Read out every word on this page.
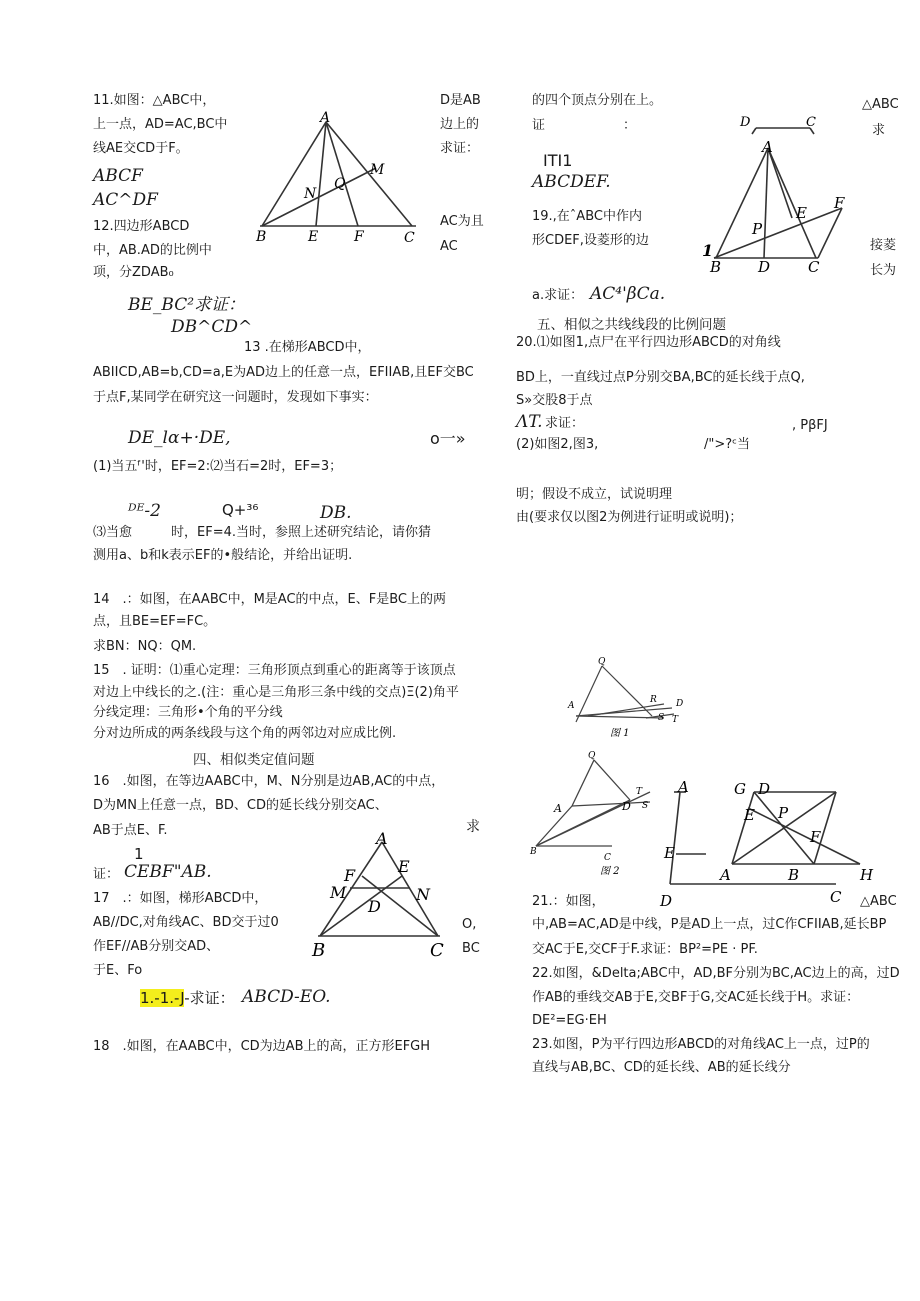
11.如图：△ABC中，
上一点，AD=AC,BC中
线AE交CD于F。
D是AB
边上的
求证：
ABCF
AC^DF
12.四边形ABCD
中，AB.AD的比例中
项，分ZDAB₀
AC为且
AC
BE_BC²求证：
DB^CD^
13 .在梯形ABCD中，
ABIICD,AB=b,CD=a,E为AD边上的任意一点，EFIIAB,且EF交BC
于点F,某同学在研究这一问题时，发现如下事实：
DE_lα+·DE,	o一»
(1)当五ᶠ'时，EF=2:⑵当石=2时，EF=3；
ᴰᴱ-2	Q+³⁶	DB.
⑶当愈　　　时，EF=4.当时，参照上述研究结论，请你猜
测用a、b和k表示EF的•般结论，并给出证明.
14　.：如图，在AABC中，M是AC的中点，E、F是BC上的两
点，且BE=EF=FC。
求BN：NQ：QM.
15　. 证明：⑴重心定理：三角形顶点到重心的距离等于该顶点
对边上中线长的之.(注：重心是三角形三条中线的交点)Ξ(2)角平
分线定理：三角形•个角的平分线
分对边所成的两条线段与这个角的两邻边对应成比例.
四、相似类定值问题
16　.如图，在等边AABC中，M、N分别是边AB,AC的中点，
D为MN上任意一点，BD、CD的延长线分别交AC、
AB于点E、F.	求
1
证： CEBF"AB.
17　.：如图，梯形ABCD中，
AB//DC,对角线AC、BD交于过0
作EF//AB分别交AD、
于E、Fo
O,
BC
1.-1.-J-求证： ABCD-EO.
18　.如图，在AABC中，CD为边AB上的高，正方形EFGH
的四个顶点分别在上。
证　　　　　　：
△ABC
求
ITI1
ABCDEF.
19.,在ˆABC中作内
形CDEF,设菱形的边	接菱
长为
a.求证： AC⁴'βCa.
五、相似之共线线段的比例问题
20.⑴如图1,点尸在平行四边形ABCD的对角线
BD上，一直线过点P分别交BA,BC的延长线于点Q,
S»交股8于点
ΛT. 求证：	, PβFJ
(2)如图2,图3,	/">?ᶜ当
明；假设不成立，试说明理
由(要求仅以图2为例进行证明或说明)；
21.：如图，	△ABC
中,AB=AC,AD是中线，P是AD上一点，过C作CFIIAB,延长BP
交AC于E,交CF于F.求证：BP²=PE · PF.
22.如图，&Delta;ABC中，AD,BF分别为BC,AC边上的高，过D
作AB的垂线交AB于E,交BF于G,交AC延长线于H。求证：
DE²=EG·EH
23.如图，P为平行四边形ABCD的对角线AC上一点，过P的
直线与AB,BC、CD的延长线、AB的延长线分
A
M
Q
N
B	E	F	C
A
F	E
M	N
D
B	C
D	C
A
F
E
P
1
B D	C
Q
A
R D
S T
图 1
Q
A	D
T
S
B
C
图 2
A
E
D
G D
E P
F
A	B	H
C
